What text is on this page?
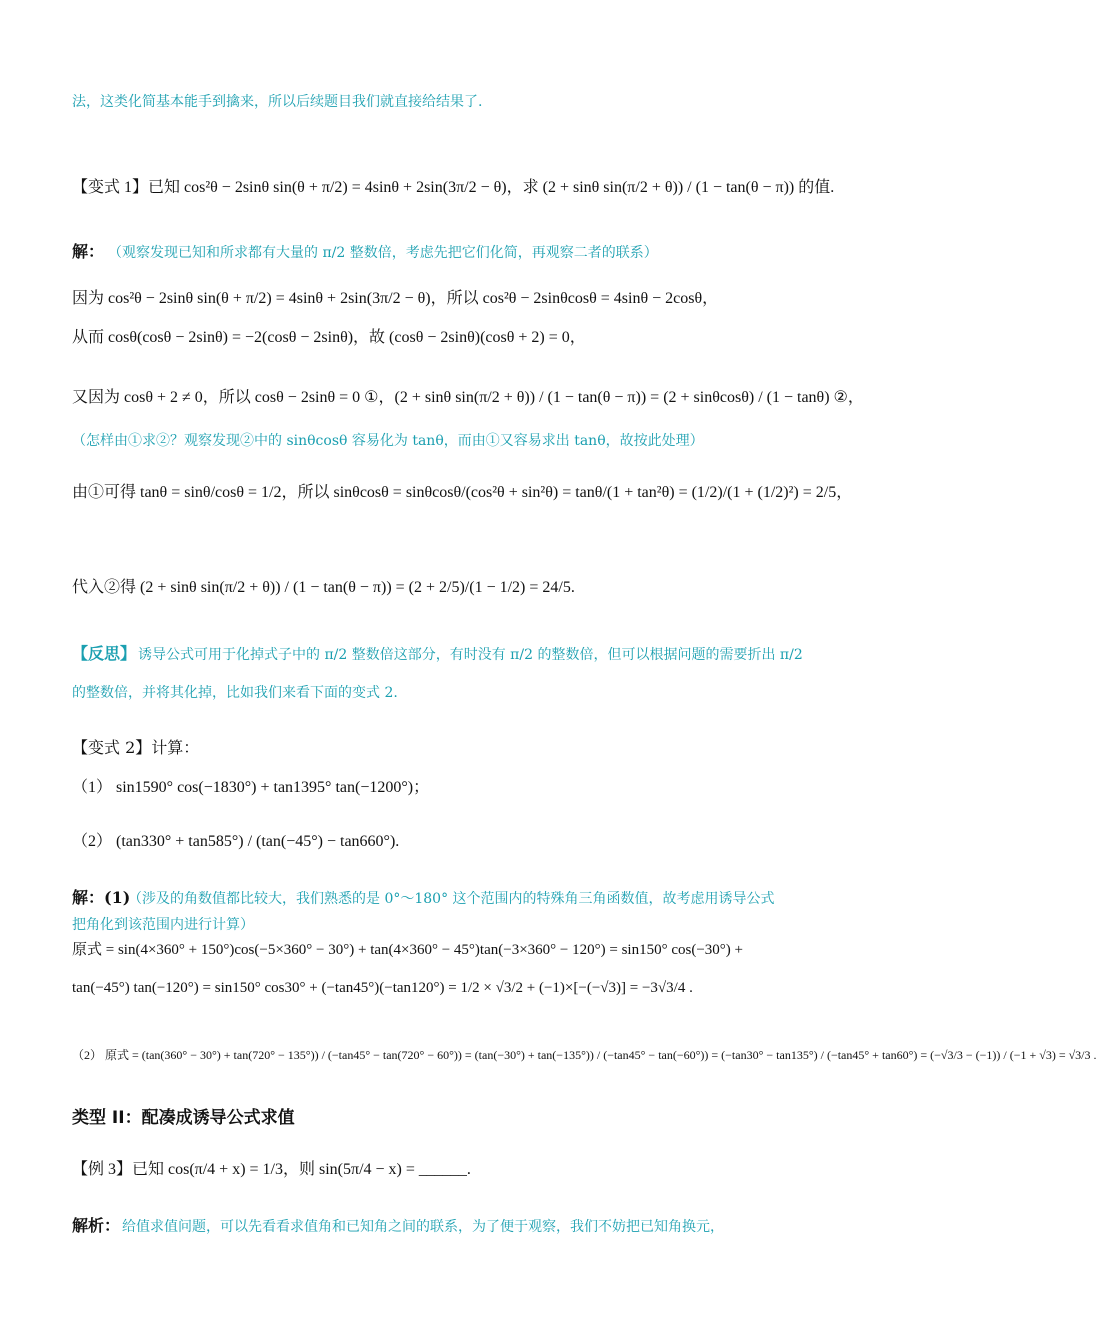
法，这类化简基本能手到擒来，所以后续题目我们就直接给结果了.
【变式 1】已知 cos²θ − 2sinθ sin(θ + π/2) = 4sinθ + 2sin(3π/2 − θ)，求 (2 + sinθ sin(π/2 + θ)) / (1 − tan(θ − π)) 的值.
解： （观察发现已知和所求都有大量的 π/2 整数倍，考虑先把它们化简，再观察二者的联系）
因为 cos²θ − 2sinθ sin(θ + π/2) = 4sinθ + 2sin(3π/2 − θ)，所以 cos²θ − 2sinθcosθ = 4sinθ − 2cosθ，
从而 cosθ(cosθ − 2sinθ) = −2(cosθ − 2sinθ)，故 (cosθ − 2sinθ)(cosθ + 2) = 0，
又因为 cosθ + 2 ≠ 0，所以 cosθ − 2sinθ = 0 ①，(2 + sinθ sin(π/2 + θ)) / (1 − tan(θ − π)) = (2 + sinθcosθ) / (1 − tanθ) ②，
（怎样由①求②？观察发现②中的 sinθcosθ 容易化为 tanθ，而由①又容易求出 tanθ，故按此处理）
由①可得 tanθ = sinθ/cosθ = 1/2，所以 sinθcosθ = sinθcosθ/(cos²θ + sin²θ) = tanθ/(1 + tan²θ) = (1/2)/(1 + (1/2)²) = 2/5，
代入②得 (2 + sinθ sin(π/2 + θ)) / (1 − tan(θ − π)) = (2 + 2/5)/(1 − 1/2) = 24/5.
【反思】 诱导公式可用于化掉式子中的 π/2 整数倍这部分，有时没有 π/2 的整数倍，但可以根据问题的需要折出 π/2
的整数倍，并将其化掉，比如我们来看下面的变式 2.
【变式 2】计算：
（1） sin1590° cos(−1830°) + tan1395° tan(−1200°)；
（2） (tan330° + tan585°) / (tan(−45°) − tan660°).
解：(1)
（涉及的角数值都比较大，我们熟悉的是 0°～180° 这个范围内的特殊角三角函数值，故考虑用诱导公式
把角化到该范围内进行计算）
原式 = sin(4×360° + 150°)cos(−5×360° − 30°) + tan(4×360° − 45°)tan(−3×360° − 120°) = sin150° cos(−30°) +
tan(−45°) tan(−120°) = sin150° cos30° + (−tan45°)(−tan120°) = 1/2 × √3/2 + (−1)×[−(−√3)] = −3√3/4 .
（2） 原式 = (tan(360° − 30°) + tan(720° − 135°)) / (−tan45° − tan(720° − 60°)) = (tan(−30°) + tan(−135°)) / (−tan45° − tan(−60°)) = (−tan30° − tan135°) / (−tan45° + tan60°) = (−√3/3 − (−1)) / (−1 + √3) = √3/3 .
类型 II：配凑成诱导公式求值
【例 3】已知 cos(π/4 + x) = 1/3，则 sin(5π/4 − x) = ______.
解析： 给值求值问题，可以先看看求值角和已知角之间的联系，为了便于观察，我们不妨把已知角换元，
